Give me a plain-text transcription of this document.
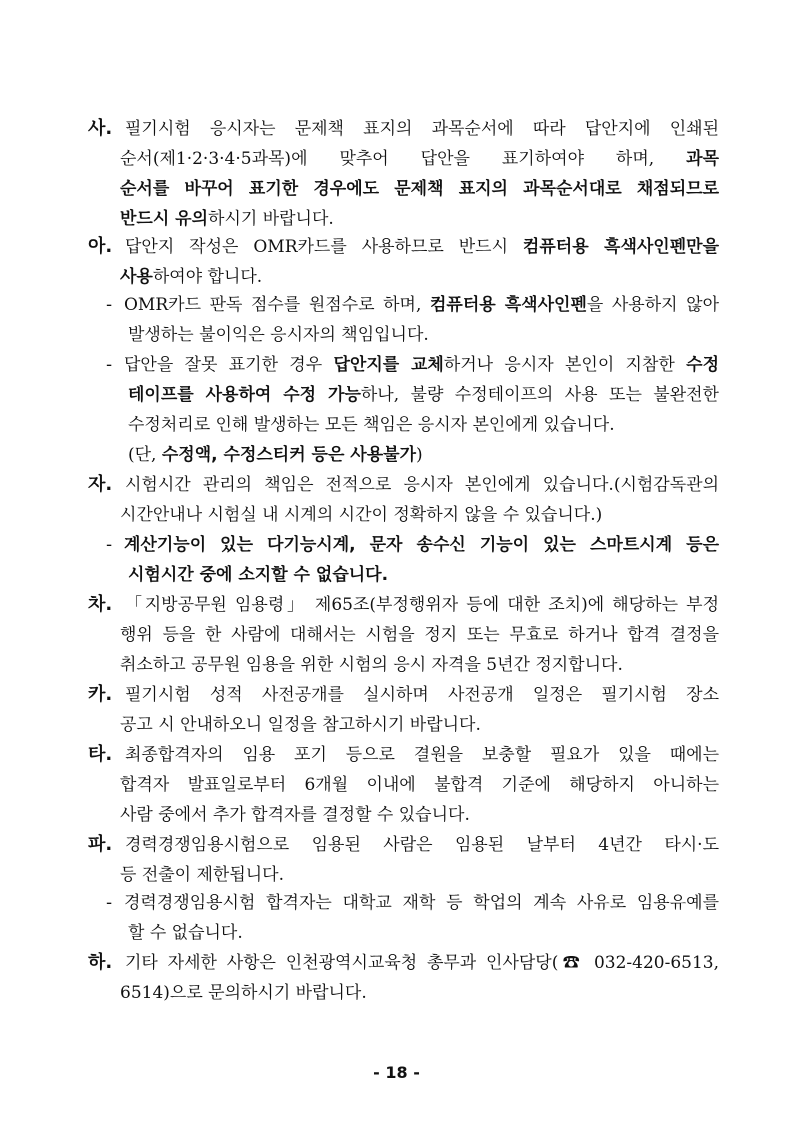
사. 필기시험 응시자는 문제책 표지의 과목순서에 따라 답안지에 인쇄된
순서(제1·2·3·4·5과목)에 맞추어 답안을 표기하여야 하며, 과목
순서를 바꾸어 표기한 경우에도 문제책 표지의 과목순서대로 채점되므로
반드시 유의하시기 바랍니다.
아. 답안지 작성은 OMR카드를 사용하므로 반드시 컴퓨터용 흑색사인펜만을
사용하여야 합니다.
- OMR카드 판독 점수를 원점수로 하며, 컴퓨터용 흑색사인펜을 사용하지 않아
발생하는 불이익은 응시자의 책임입니다.
- 답안을 잘못 표기한 경우 답안지를 교체하거나 응시자 본인이 지참한 수정
테이프를 사용하여 수정 가능하나, 불량 수정테이프의 사용 또는 불완전한
수정처리로 인해 발생하는 모든 책임은 응시자 본인에게 있습니다.
(단, 수정액, 수정스티커 등은 사용불가)
자. 시험시간 관리의 책임은 전적으로 응시자 본인에게 있습니다.(시험감독관의
시간안내나 시험실 내 시계의 시간이 정확하지 않을 수 있습니다.)
- 계산기능이 있는 다기능시계, 문자 송수신 기능이 있는 스마트시계 등은
시험시간 중에 소지할 수 없습니다.
차. 「지방공무원 임용령」 제65조(부정행위자 등에 대한 조치)에 해당하는 부정
행위 등을 한 사람에 대해서는 시험을 정지 또는 무효로 하거나 합격 결정을
취소하고 공무원 임용을 위한 시험의 응시 자격을 5년간 정지합니다.
카. 필기시험 성적 사전공개를 실시하며 사전공개 일정은 필기시험 장소
공고 시 안내하오니 일정을 참고하시기 바랍니다.
타. 최종합격자의 임용 포기 등으로 결원을 보충할 필요가 있을 때에는
합격자 발표일로부터 6개월 이내에 불합격 기준에 해당하지 아니하는
사람 중에서 추가 합격자를 결정할 수 있습니다.
파. 경력경쟁임용시험으로 임용된 사람은 임용된 날부터 4년간 타시·도
등 전출이 제한됩니다.
- 경력경쟁임용시험 합격자는 대학교 재학 등 학업의 계속 사유로 임용유예를
할 수 없습니다.
하. 기타 자세한 사항은 인천광역시교육청 총무과 인사담당(☎ 032-420-6513,
6514)으로 문의하시기 바랍니다.
- 18 -
